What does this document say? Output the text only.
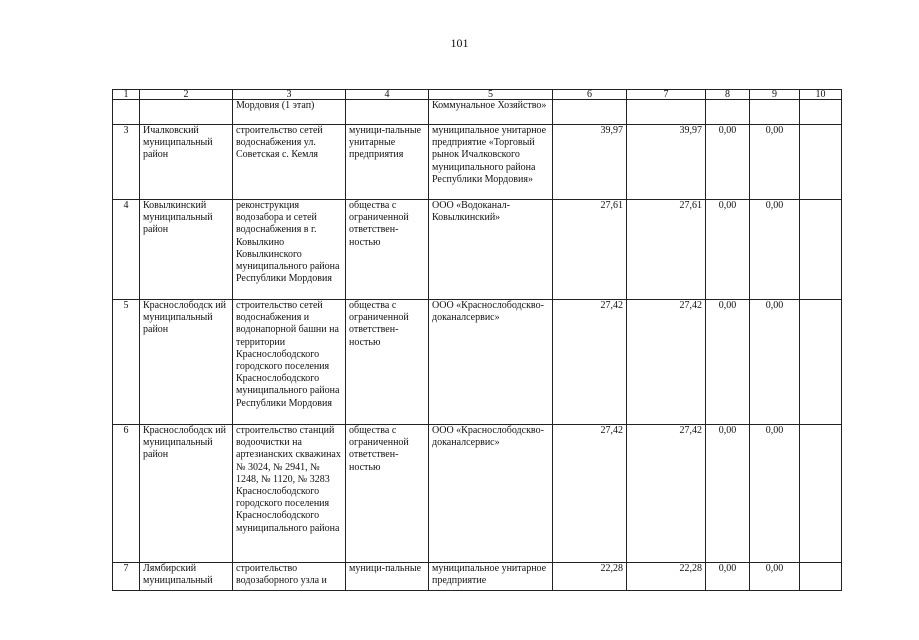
101
1	2	3	4	5	6	7	8	9	10
		Мордовия (1 этап)		Коммунальное Хозяйство»					
3	Ичалковский муниципальный район	строительство сетей водоснабжения ул. Советская с. Кемля	муници-пальные унитарные предприятия	муниципальное унитарное предприятие «Торговый рынок Ичалковского муниципального района Республики Мордовия»	39,97	39,97	0,00	0,00	
4	Ковылкинский муниципальный район	реконструкция водозабора и сетей водоснабжения в г. Ковылкино Ковылкинского муниципального района Республики Мордовия	общества с ограниченной ответствен-ностью	ООО «Водоканал-Ковылкинский»	27,61	27,61	0,00	0,00	
5	Краснослободск ий муниципальный район	строительство сетей водоснабжения и водонапорной башни на территории Краснослободского городского поселения Краснослободского муниципального района Республики Мордовия	общества с ограниченной ответствен-ностью	ООО «Краснослободскво-доканалсервис»	27,42	27,42	0,00	0,00	
6	Краснослободск ий муниципальный район	строительство станций водоочистки на артезианских скважинах № 3024, № 2941, № 1248, № 1120, № 3283 Краснослободского городского поселения Краснослободского муниципального района	общества с ограниченной ответствен-ностью	ООО «Краснослободскво-доканалсервис»	27,42	27,42	0,00	0,00	
7	Лямбирский муниципальный	строительство водозаборного узла и	муници-пальные	муниципальное унитарное предприятие	22,28	22,28	0,00	0,00	
